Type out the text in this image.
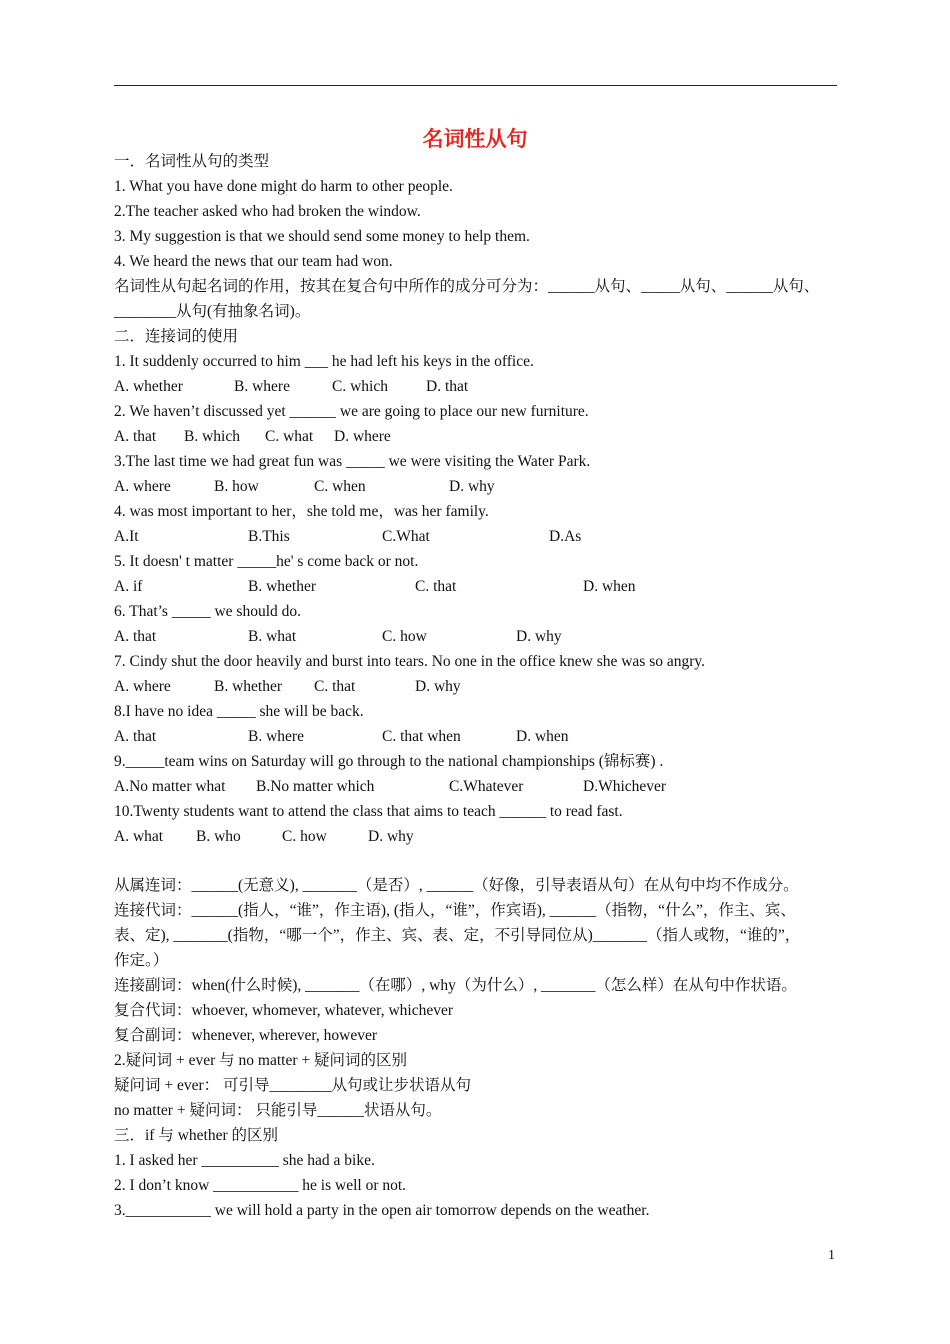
名词性从句
一．名词性从句的类型
1. What you have done might do harm to other people.
2.The teacher asked who had broken the window.
3. My suggestion is that we should send some money to help them.
4. We heard the news that our team had won.
名词性从句起名词的作用，按其在复合句中所作的成分可分为：______从句、_____从句、______从句、
________从句(有抽象名词)。
二．连接词的使用
1. It suddenly occurred to him ___ he had left his keys in the office.
A. whether	B. where	C. which D. that
2. We haven’t discussed yet ______ we are going to place our new furniture.
A. that B. which C. what D. where
3.The last time we had great fun was _____ we were visiting the Water Park.
A. where	B. how	C. when	D. why
4. was most important to her，she told me，was her family.
A.It	B.This	C.What	D.As
5. It doesn' t matter _____he' s come back or not.
A. if	B. whether	C. that	D. when
6. That’s _____ we should do.
A. that	B. what	C. how	D. why
7. Cindy shut the door heavily and burst into tears. No one in the office knew she was so angry.
A. where	B. whether C. that	D. why
8.I have no idea _____ she will be back.
A. that	B. where	C. that when	D. when
9._____team wins on Saturday will go through to the national championships (锦标赛) .
A.No matter what B.No matter which	C.Whatever	D.Whichever
10.Twenty students want to attend the class that aims to teach ______ to read fast.
A. what B. who	C. how	D. why
从属连词：______(无意义), _______（是否）, ______（好像，引导表语从句）在从句中均不作成分。
连接代词：______(指人，“谁”，作主语), (指人，“谁”，作宾语), ______（指物，“什么”，作主、宾、
表、定), _______(指物，“哪一个”，作主、宾、表、定，不引导同位从)_______（指人或物，“谁的”，
作定。）
连接副词：when(什么时候), _______（在哪）, why（为什么）, _______（怎么样）在从句中作状语。
复合代词：whoever, whomever, whatever, whichever
复合副词：whenever, wherever, however
2.疑问词 + ever 与 no matter + 疑问词的区别
疑问词 + ever： 可引导________从句或让步状语从句
no matter + 疑问词： 只能引导______状语从句。
三．if 与 whether 的区别
1. I asked her __________ she had a bike.
2. I don’t know ___________ he is well or not.
3.___________ we will hold a party in the open air tomorrow depends on the weather.
1
